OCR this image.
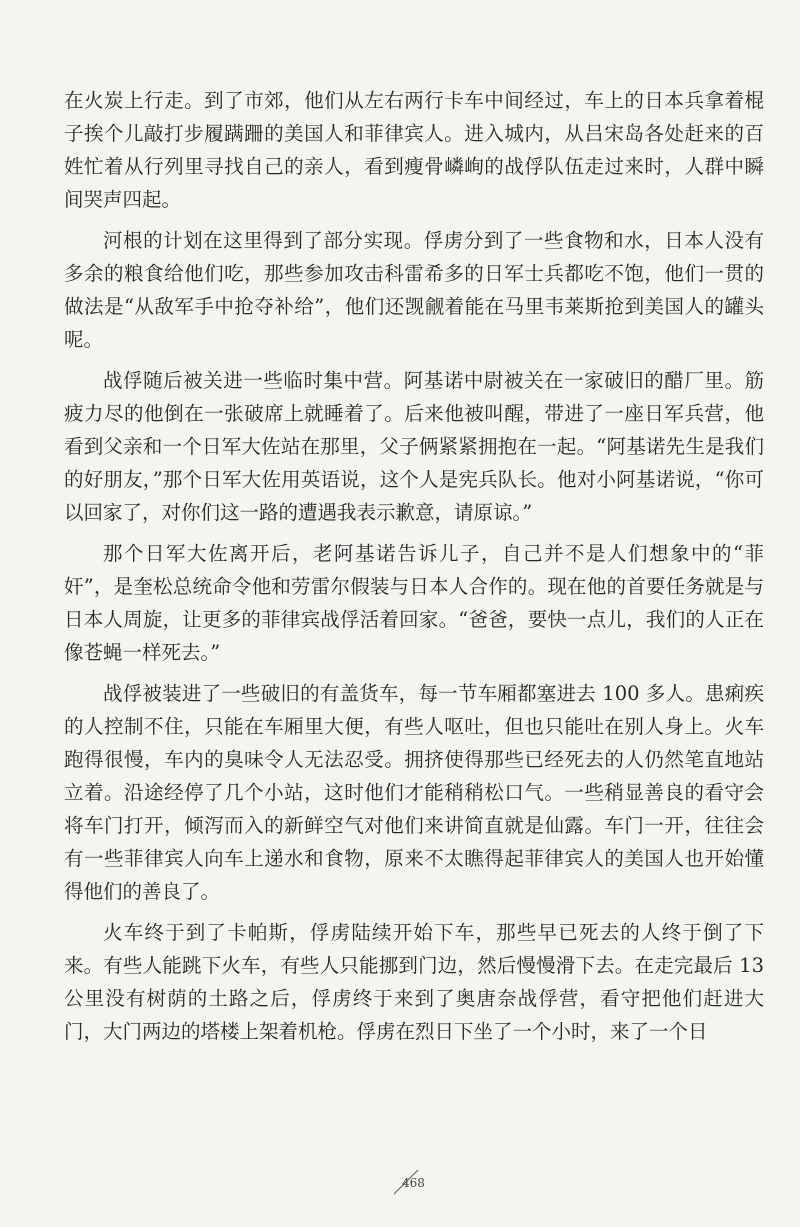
在火炭上行走。到了市郊，他们从左右两行卡车中间经过，车上的日本兵拿着棍子挨个儿敲打步履蹒跚的美国人和菲律宾人。进入城内，从吕宋岛各处赶来的百姓忙着从行列里寻找自己的亲人，看到瘦骨嶙峋的战俘队伍走过来时，人群中瞬间哭声四起。

河根的计划在这里得到了部分实现。俘虏分到了一些食物和水，日本人没有多余的粮食给他们吃，那些参加攻击科雷希多的日军士兵都吃不饱，他们一贯的做法是“从敌军手中抢夺补给”，他们还觊觎着能在马里韦莱斯抢到美国人的罐头呢。

战俘随后被关进一些临时集中营。阿基诺中尉被关在一家破旧的醋厂里。筋疲力尽的他倒在一张破席上就睡着了。后来他被叫醒，带进了一座日军兵营，他看到父亲和一个日军大佐站在那里，父子俩紧紧拥抱在一起。“阿基诺先生是我们的好朋友，”那个日军大佐用英语说，这个人是宪兵队长。他对小阿基诺说，“你可以回家了，对你们这一路的遭遇我表示歉意，请原谅。”

那个日军大佐离开后，老阿基诺告诉儿子，自己并不是人们想象中的“菲奸”，是奎松总统命令他和劳雷尔假装与日本人合作的。现在他的首要任务就是与日本人周旋，让更多的菲律宾战俘活着回家。“爸爸，要快一点儿，我们的人正在像苍蝇一样死去。”

战俘被装进了一些破旧的有盖货车，每一节车厢都塞进去 100 多人。患痢疾的人控制不住，只能在车厢里大便，有些人呕吐，但也只能吐在别人身上。火车跑得很慢，车内的臭味令人无法忍受。拥挤使得那些已经死去的人仍然笔直地站立着。沿途经停了几个小站，这时他们才能稍稍松口气。一些稍显善良的看守会将车门打开，倾泻而入的新鲜空气对他们来讲简直就是仙露。车门一开，往往会有一些菲律宾人向车上递水和食物，原来不太瞧得起菲律宾人的美国人也开始懂得他们的善良了。

火车终于到了卡帕斯，俘虏陆续开始下车，那些早已死去的人终于倒了下来。有些人能跳下火车，有些人只能挪到门边，然后慢慢滑下去。在走完最后 13 公里没有树荫的土路之后，俘虏终于来到了奥唐奈战俘营，看守把他们赶进大门，大门两边的塔楼上架着机枪。俘虏在烈日下坐了一个小时，来了一个日

468
